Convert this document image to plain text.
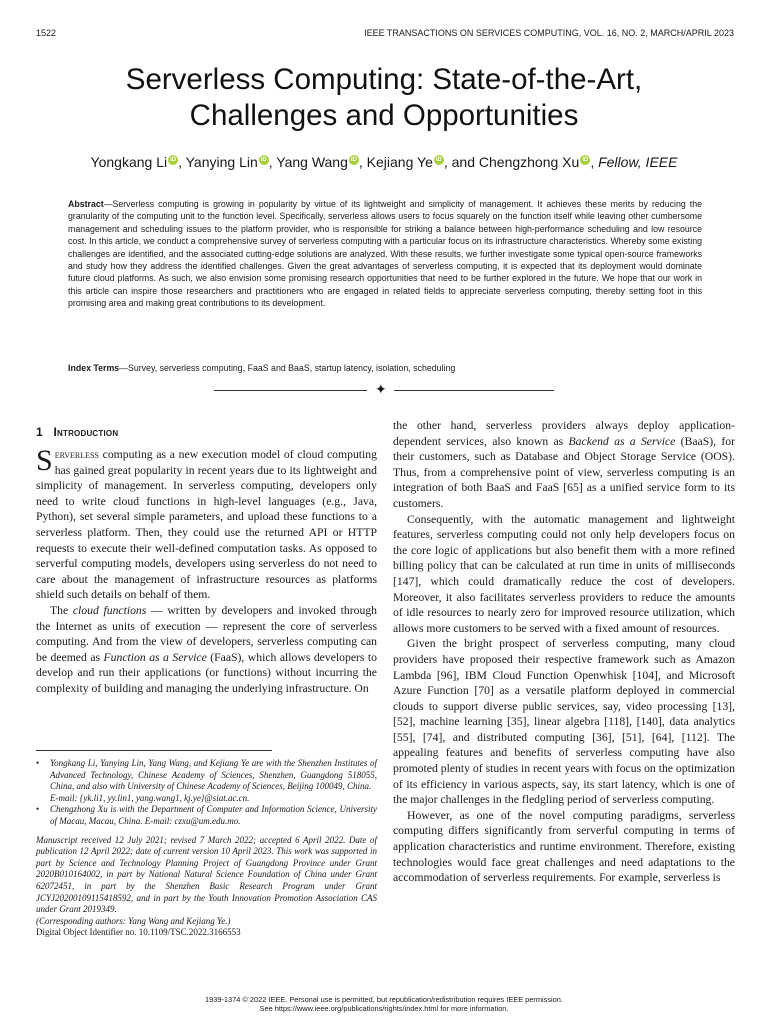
1522	IEEE TRANSACTIONS ON SERVICES COMPUTING, VOL. 16, NO. 2, MARCH/APRIL 2023
Serverless Computing: State-of-the-Art,
Challenges and Opportunities
Yongkang Li iD , Yanying Lin iD , Yang Wang iD , Kejiang Ye iD , and Chengzhong Xu iD , Fellow, IEEE
Abstract—Serverless computing is growing in popularity by virtue of its lightweight and simplicity of management. It achieves these merits by reducing the granularity of the computing unit to the function level. Specifically, serverless allows users to focus squarely on the function itself while leaving other cumbersome management and scheduling issues to the platform provider, who is responsible for striking a balance between high-performance scheduling and low resource cost. In this article, we conduct a comprehensive survey of serverless computing with a particular focus on its infrastructure characteristics. Whereby some existing challenges are identified, and the associated cutting-edge solutions are analyzed. With these results, we further investigate some typical open-source frameworks and study how they address the identified challenges. Given the great advantages of serverless computing, it is expected that its deployment would dominate future cloud platforms. As such, we also envision some promising research opportunities that need to be further explored in the future. We hope that our work in this article can inspire those researchers and practitioners who are engaged in related fields to appreciate serverless computing, thereby setting foot in this promising area and making great contributions to its development.
Index Terms—Survey, serverless computing, FaaS and BaaS, startup latency, isolation, scheduling
✦
1 Introduction

Serverless computing as a new execution model of cloud computing has gained great popularity in recent years due to its lightweight and simplicity of management. In serverless computing, developers only need to write cloud functions in high-level languages (e.g., Java, Python), set several simple parameters, and upload these functions to a serverless platform. Then, they could use the returned API or HTTP requests to execute their well-defined computation tasks. As opposed to serverful computing models, developers using serverless do not need to care about the management of infrastructure resources as platforms shield such details on behalf of them.

The cloud functions — written by developers and invoked through the Internet as units of execution — represent the core of serverless computing. And from the view of developers, serverless computing can be deemed as Function as a Service (FaaS), which allows developers to develop and run their applications (or functions) without incurring the complexity of building and managing the underlying infrastructure. On

• Yongkang Li, Yanying Lin, Yang Wang, and Kejiang Ye are with the Shenzhen Institutes of Advanced Technology, Chinese Academy of Sciences, Shenzhen, Guangdong 518055, China, and also with University of Chinese Academy of Sciences, Beijing 100049, China.
E-mail: {yk.li1, yy.lin1, yang.wang1, kj.ye}@siat.ac.cn.

• Chengzhong Xu is with the Department of Computer and Information Science, University of Macau, Macau, China. E-mail: czxu@um.edu.mo.

Manuscript received 12 July 2021; revised 7 March 2022; accepted 6 April 2022. Date of publication 12 April 2022; date of current version 10 April 2023. This work was supported in part by Science and Technology Planning Project of Guangdong Province under Grant 2020B010164002, in part by National Natural Science Foundation of China under Grant 62072451, in part by the Shenzhen Basic Research Program under Grant JCYJ20200109115418592, and in part by the Youth Innovation Promotion Association CAS under Grant 2019349.

(Corresponding authors: Yang Wang and Kejiang Ye.)

Digital Object Identifier no. 10.1109/TSC.2022.3166553

the other hand, serverless providers always deploy application-dependent services, also known as Backend as a Service (BaaS), for their customers, such as Database and Object Storage Service (OOS). Thus, from a comprehensive point of view, serverless computing is an integration of both BaaS and FaaS [65] as a unified service form to its customers.

Consequently, with the automatic management and lightweight features, serverless computing could not only help developers focus on the core logic of applications but also benefit them with a more refined billing policy that can be calculated at run time in units of milliseconds [147], which could dramatically reduce the cost of developers. Moreover, it also facilitates serverless providers to reduce the amounts of idle resources to nearly zero for improved resource utilization, which allows more customers to be served with a fixed amount of resources.

Given the bright prospect of serverless computing, many cloud providers have proposed their respective framework such as Amazon Lambda [96], IBM Cloud Function Openwhisk [104], and Microsoft Azure Function [70] as a versatile platform deployed in commercial clouds to support diverse public services, say, video processing [13], [52], machine learning [35], linear algebra [118], [140], data analytics [55], [74], and distributed computing [36], [51], [64], [112]. The appealing features and benefits of serverless computing have also promoted plenty of studies in recent years with focus on the optimization of its efficiency in various aspects, say, its start latency, which is one of the major challenges in the fledgling period of serverless computing.

However, as one of the novel computing paradigms, serverless computing differs significantly from serverful computing in terms of application characteristics and runtime environment. Therefore, existing technologies would face great challenges and need adaptations to the accommodation of serverless requirements. For example, serverless is

1939-1374 © 2022 IEEE. Personal use is permitted, but republication/redistribution requires IEEE permission.
See https://www.ieee.org/publications/rights/index.html for more information.
